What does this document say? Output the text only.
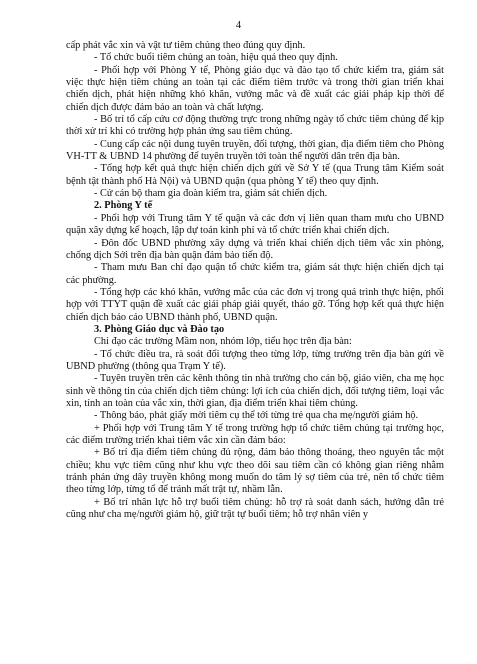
4

cấp phát vắc xin và vật tư tiêm chủng theo đúng quy định.

- Tổ chức buổi tiêm chủng an toàn, hiệu quả theo quy định.

- Phối hợp với Phòng Y tế, Phòng giáo dục và đào tạo tổ chức kiểm tra, giám sát việc thực hiện tiêm chủng an toàn tại các điểm tiêm trước và trong thời gian triển khai chiến dịch, phát hiện những khó khăn, vướng mắc và đề xuất các giải pháp kịp thời để chiến dịch được đảm bảo an toàn và chất lượng.

- Bố trí tổ cấp cứu cơ động thường trực trong những ngày tổ chức tiêm chủng để kịp thời xử trí khi có trường hợp phản ứng sau tiêm chủng.

- Cung cấp các nội dung tuyên truyền, đối tượng, thời gian, địa điểm tiêm cho Phòng VH-TT & UBND 14 phường để tuyên truyền tới toàn thể người dân trên địa bàn.

- Tổng hợp kết quả thực hiện chiến dịch gửi về Sở Y tế (qua Trung tâm Kiểm soát bệnh tật thành phố Hà Nội) và UBND quận (qua phòng Y tế) theo quy định.

- Cử cán bộ tham gia đoàn kiểm tra, giám sát chiến dịch.

2. Phòng Y tế

- Phối hợp với Trung tâm Y tế quận và các đơn vị liên quan tham mưu cho UBND quận xây dựng kế hoạch, lập dự toán kinh phí và tổ chức triển khai chiến dịch.

- Đôn đốc UBND phường xây dựng và triển khai chiến dịch tiêm vắc xin phòng, chống dịch Sởi trên địa bàn quận đảm bảo tiến độ.

- Tham mưu Ban chỉ đạo quận tổ chức kiểm tra, giám sát thực hiện chiến dịch tại các phường.

- Tổng hợp các khó khăn, vướng mắc của các đơn vị trong quá trình thực hiện, phối hợp với TTYT quận đề xuất các giải pháp giải quyết, tháo gỡ. Tổng hợp kết quả thực hiện chiến dịch báo cáo UBND thành phố, UBND quận.

3. Phòng Giáo dục và Đào tạo

Chỉ đạo các trường Mầm non, nhóm lớp, tiểu học trên địa bàn:

- Tổ chức điều tra, rà soát đối tượng theo từng lớp, từng trường trên địa bàn gửi về UBND phường (thông qua Trạm Y tế).

- Tuyên truyền trên các kênh thông tin nhà trường cho cán bộ, giáo viên, cha mẹ học sinh về thông tin của chiến dịch tiêm chủng: lợi ích của chiến dịch, đối tượng tiêm, loại vắc xin, tính an toàn của vắc xin, thời gian, địa điểm triển khai tiêm chủng.

- Thông báo, phát giấy mời tiêm cụ thể tới từng trẻ qua cha mẹ/người giám hộ.

+ Phối hợp với Trung tâm Y tế trong trường hợp tổ chức tiêm chủng tại trường học, các điểm trường triển khai tiêm vắc xin cần đảm bảo:

+ Bố trí địa điểm tiêm chủng đủ rộng, đảm bảo thông thoáng, theo nguyên tắc một chiều; khu vực tiêm cũng như khu vực theo dõi sau tiêm cần có không gian riêng nhằm tránh phản ứng dây truyền không mong muốn do tâm lý sợ tiêm của trẻ, nên tổ chức tiêm theo từng lớp, từng tổ để tránh mất trật tự, nhầm lẫn.

+ Bố trí nhân lực hỗ trợ buổi tiêm chủng: hỗ trợ rà soát danh sách, hướng dẫn trẻ cũng như cha mẹ/người giám hộ, giữ trật tự buổi tiêm; hỗ trợ nhân viên y
